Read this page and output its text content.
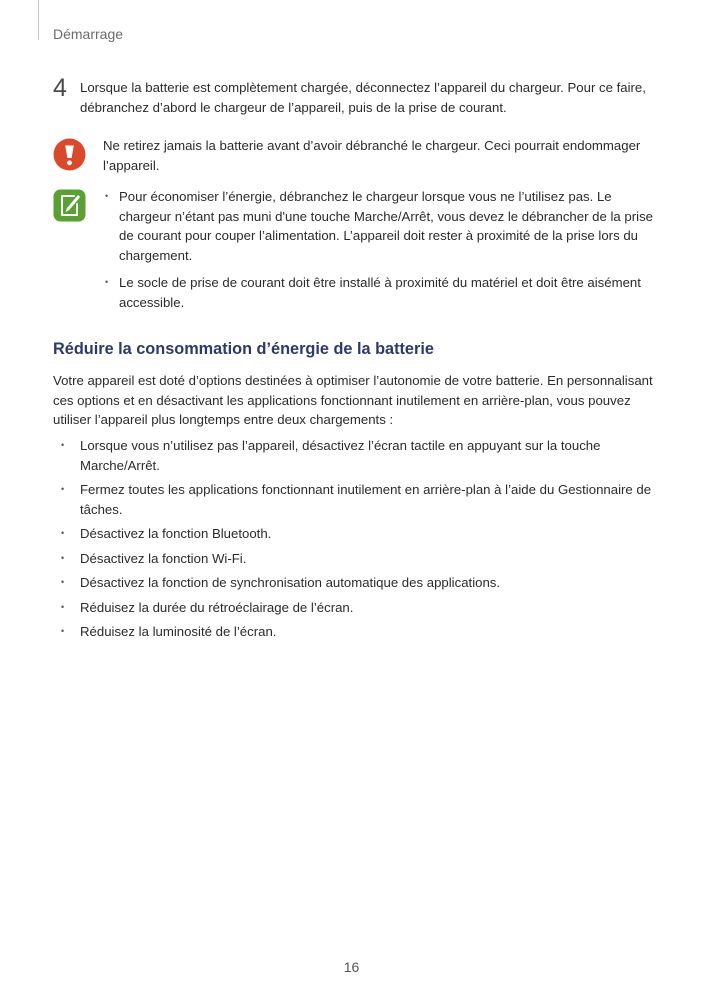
Démarrage
4 Lorsque la batterie est complètement chargée, déconnectez l’appareil du chargeur. Pour ce faire, débranchez d’abord le chargeur de l’appareil, puis de la prise de courant.
Ne retirez jamais la batterie avant d’avoir débranché le chargeur. Ceci pourrait endommager l’appareil.
• Pour économiser l’énergie, débranchez le chargeur lorsque vous ne l’utilisez pas. Le chargeur n’étant pas muni d'une touche Marche/Arrêt, vous devez le débrancher de la prise de courant pour couper l’alimentation. L’appareil doit rester à proximité de la prise lors du chargement.
• Le socle de prise de courant doit être installé à proximité du matériel et doit être aisément accessible.
Réduire la consommation d’énergie de la batterie
Votre appareil est doté d’options destinées à optimiser l’autonomie de votre batterie. En personnalisant ces options et en désactivant les applications fonctionnant inutilement en arrière-plan, vous pouvez utiliser l’appareil plus longtemps entre deux chargements :
• Lorsque vous n’utilisez pas l’appareil, désactivez l’écran tactile en appuyant sur la touche Marche/Arrêt.
• Fermez toutes les applications fonctionnant inutilement en arrière-plan à l’aide du Gestionnaire de tâches.
• Désactivez la fonction Bluetooth.
• Désactivez la fonction Wi-Fi.
• Désactivez la fonction de synchronisation automatique des applications.
• Réduisez la durée du rétroéclairage de l’écran.
• Réduisez la luminosité de l’écran.
16
